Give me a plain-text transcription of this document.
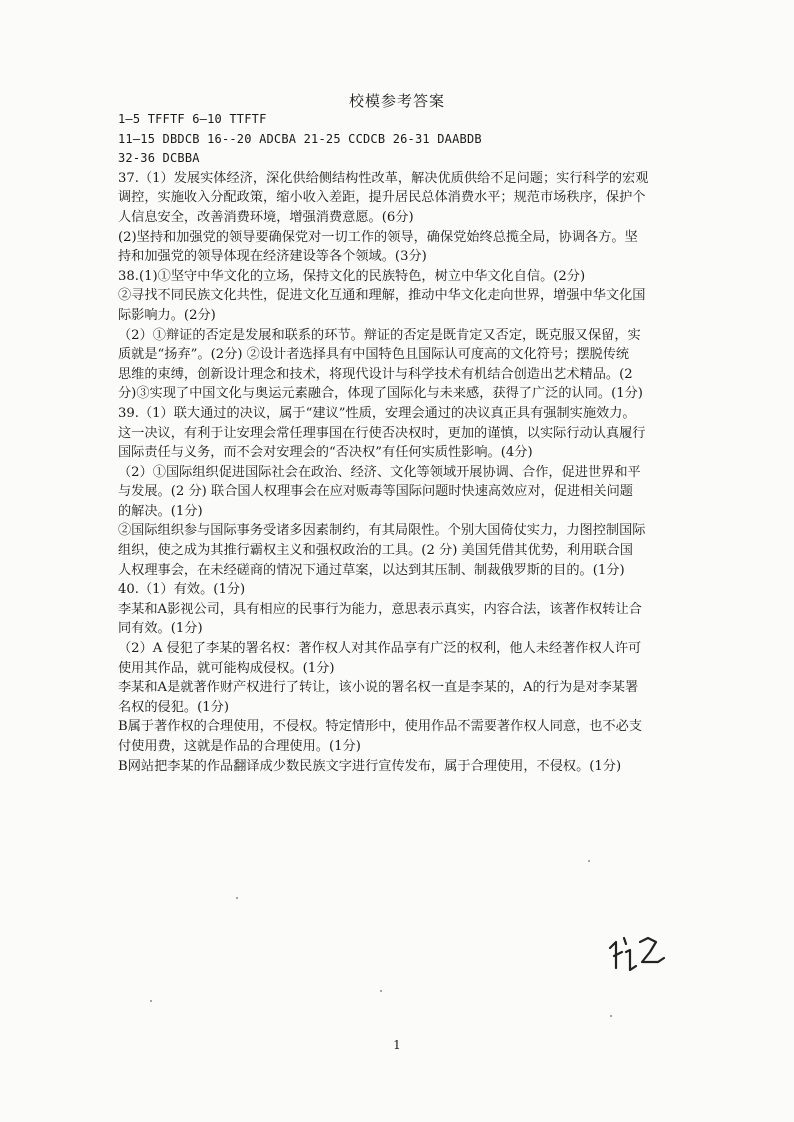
校模参考答案
1—5 TFFTF 6—10 TTFTF
11—15 DBDCB 16--20 ADCBA 21-25 CCDCB 26-31 DAABDB
32-36 DCBBA
37.（1）发展实体经济，深化供给侧结构性改革，解决优质供给不足问题；实行科学的宏观
调控，实施收入分配政策，缩小收入差距，提升居民总体消费水平；规范市场秩序，保护个
人信息安全，改善消费环境，增强消费意愿。(6分)
(2)坚持和加强党的领导要确保党对一切工作的领导，确保党始终总揽全局，协调各方。坚
持和加强党的领导体现在经济建设等各个领域。(3分)
38.(1)①坚守中华文化的立场，保持文化的民族特色，树立中华文化自信。(2分)
②寻找不同民族文化共性，促进文化互通和理解，推动中华文化走向世界，增强中华文化国
际影响力。(2分)
（2）①辩证的否定是发展和联系的环节。辩证的否定是既肯定又否定，既克服又保留，实
质就是“扬弃”。(2分) ②设计者选择具有中国特色且国际认可度高的文化符号；摆脱传统
思维的束缚，创新设计理念和技术，将现代设计与科学技术有机结合创造出艺术精品。(2
分)③实现了中国文化与奥运元素融合，体现了国际化与未来感，获得了广泛的认同。(1分)
39.（1）联大通过的决议，属于“建议”性质，安理会通过的决议真正具有强制实施效力。
这一决议，有利于让安理会常任理事国在行使否决权时，更加的谨慎，以实际行动认真履行
国际责任与义务，而不会对安理会的“否决权”有任何实质性影响。(4分)
（2）①国际组织促进国际社会在政治、经济、文化等领域开展协调、合作，促进世界和平
与发展。(2 分) 联合国人权理事会在应对贩毒等国际问题时快速高效应对，促进相关问题
的解决。(1分)
②国际组织参与国际事务受诸多因素制约，有其局限性。个别大国倚仗实力，力图控制国际
组织，使之成为其推行霸权主义和强权政治的工具。(2 分) 美国凭借其优势，利用联合国
人权理事会，在未经磋商的情况下通过草案，以达到其压制、制裁俄罗斯的目的。(1分)
40.（1）有效。(1分)
李某和A影视公司，具有相应的民事行为能力，意思表示真实，内容合法，该著作权转让合
同有效。(1分)
（2）A 侵犯了李某的署名权：著作权人对其作品享有广泛的权利，他人未经著作权人许可
使用其作品，就可能构成侵权。(1分)
李某和A是就著作财产权进行了转让，该小说的署名权一直是李某的，A的行为是对李某署
名权的侵犯。(1分)
B属于著作权的合理使用，不侵权。特定情形中，使用作品不需要著作权人同意，也不必支
付使用费，这就是作品的合理使用。(1分)
B网站把李某的作品翻译成少数民族文字进行宣传发布，属于合理使用，不侵权。(1分)
1
